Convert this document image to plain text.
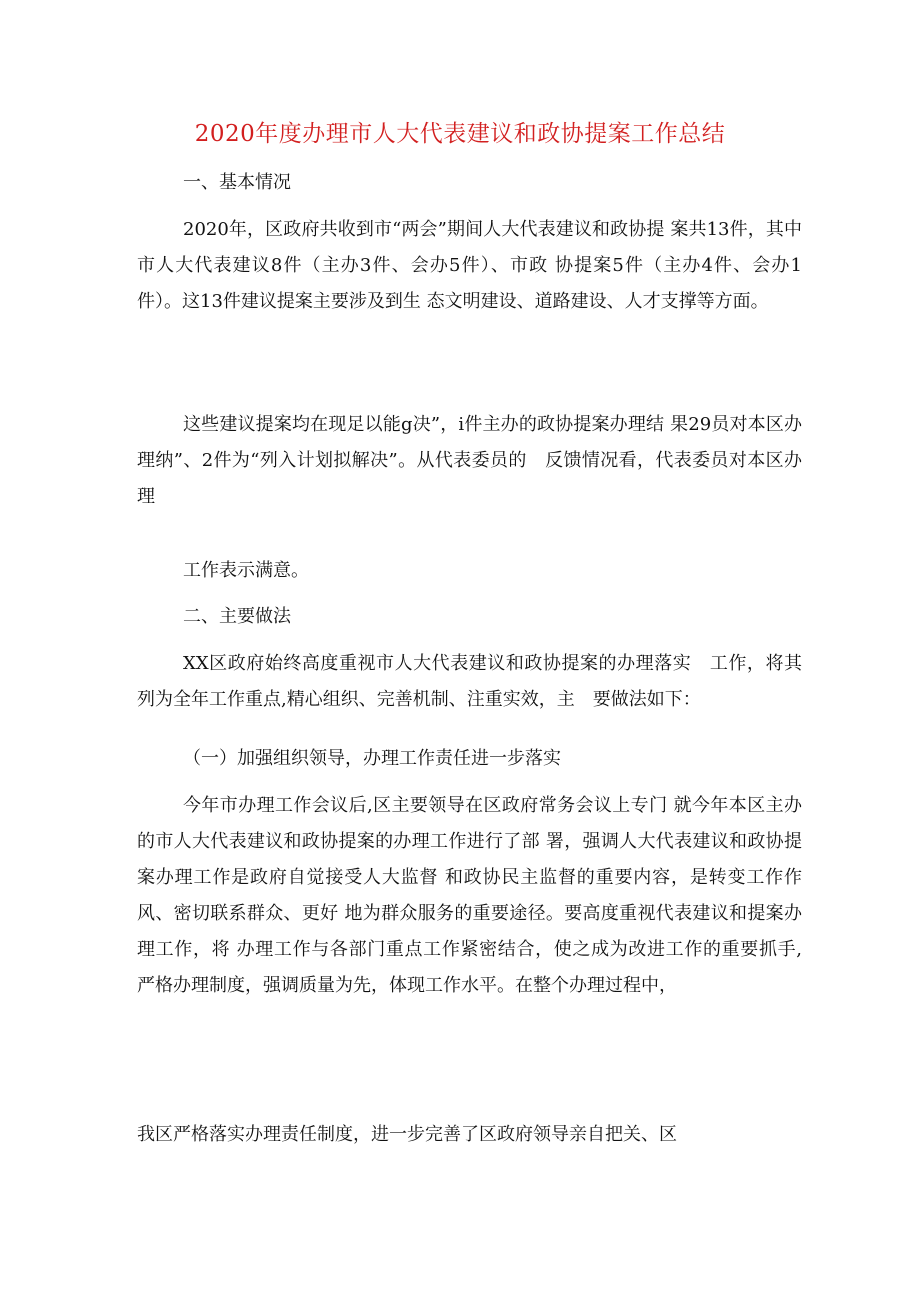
2020年度办理市人大代表建议和政协提案工作总结
一、基本情况
2020年，区政府共收到市“两会”期间人大代表建议和政协提 案共13件，其中市人大代表建议8件（主办3件、会办5件）、市政 协提案5件（主办4件、会办1件）。这13件建议提案主要涉及到生 态文明建设、道路建设、人才支撑等方面。
这些建议提案均在现足以能g决”，i件主办的政协提案办理结 果29员对本区办理纳”、2件为“列入计划拟解决”。从代表委员的　反馈情况看，代表委员对本区办理
工作表示满意。
二、主要做法
XX区政府始终高度重视市人大代表建议和政协提案的办理落实　工作，将其列为全年工作重点,精心组织、完善机制、注重实效，主　要做法如下：
（一）加强组织领导，办理工作责任进一步落实
今年市办理工作会议后,区主要领导在区政府常务会议上专门 就今年本区主办的市人大代表建议和政协提案的办理工作进行了部 署，强调人大代表建议和政协提案办理工作是政府自觉接受人大监督 和政协民主监督的重要内容，是转变工作作风、密切联系群众、更好 地为群众服务的重要途径。要高度重视代表建议和提案办理工作，将 办理工作与各部门重点工作紧密结合，使之成为改进工作的重要抓手,　严格办理制度，强调质量为先，体现工作水平。在整个办理过程中，
我区严格落实办理责任制度，进一步完善了区政府领导亲自把关、区
